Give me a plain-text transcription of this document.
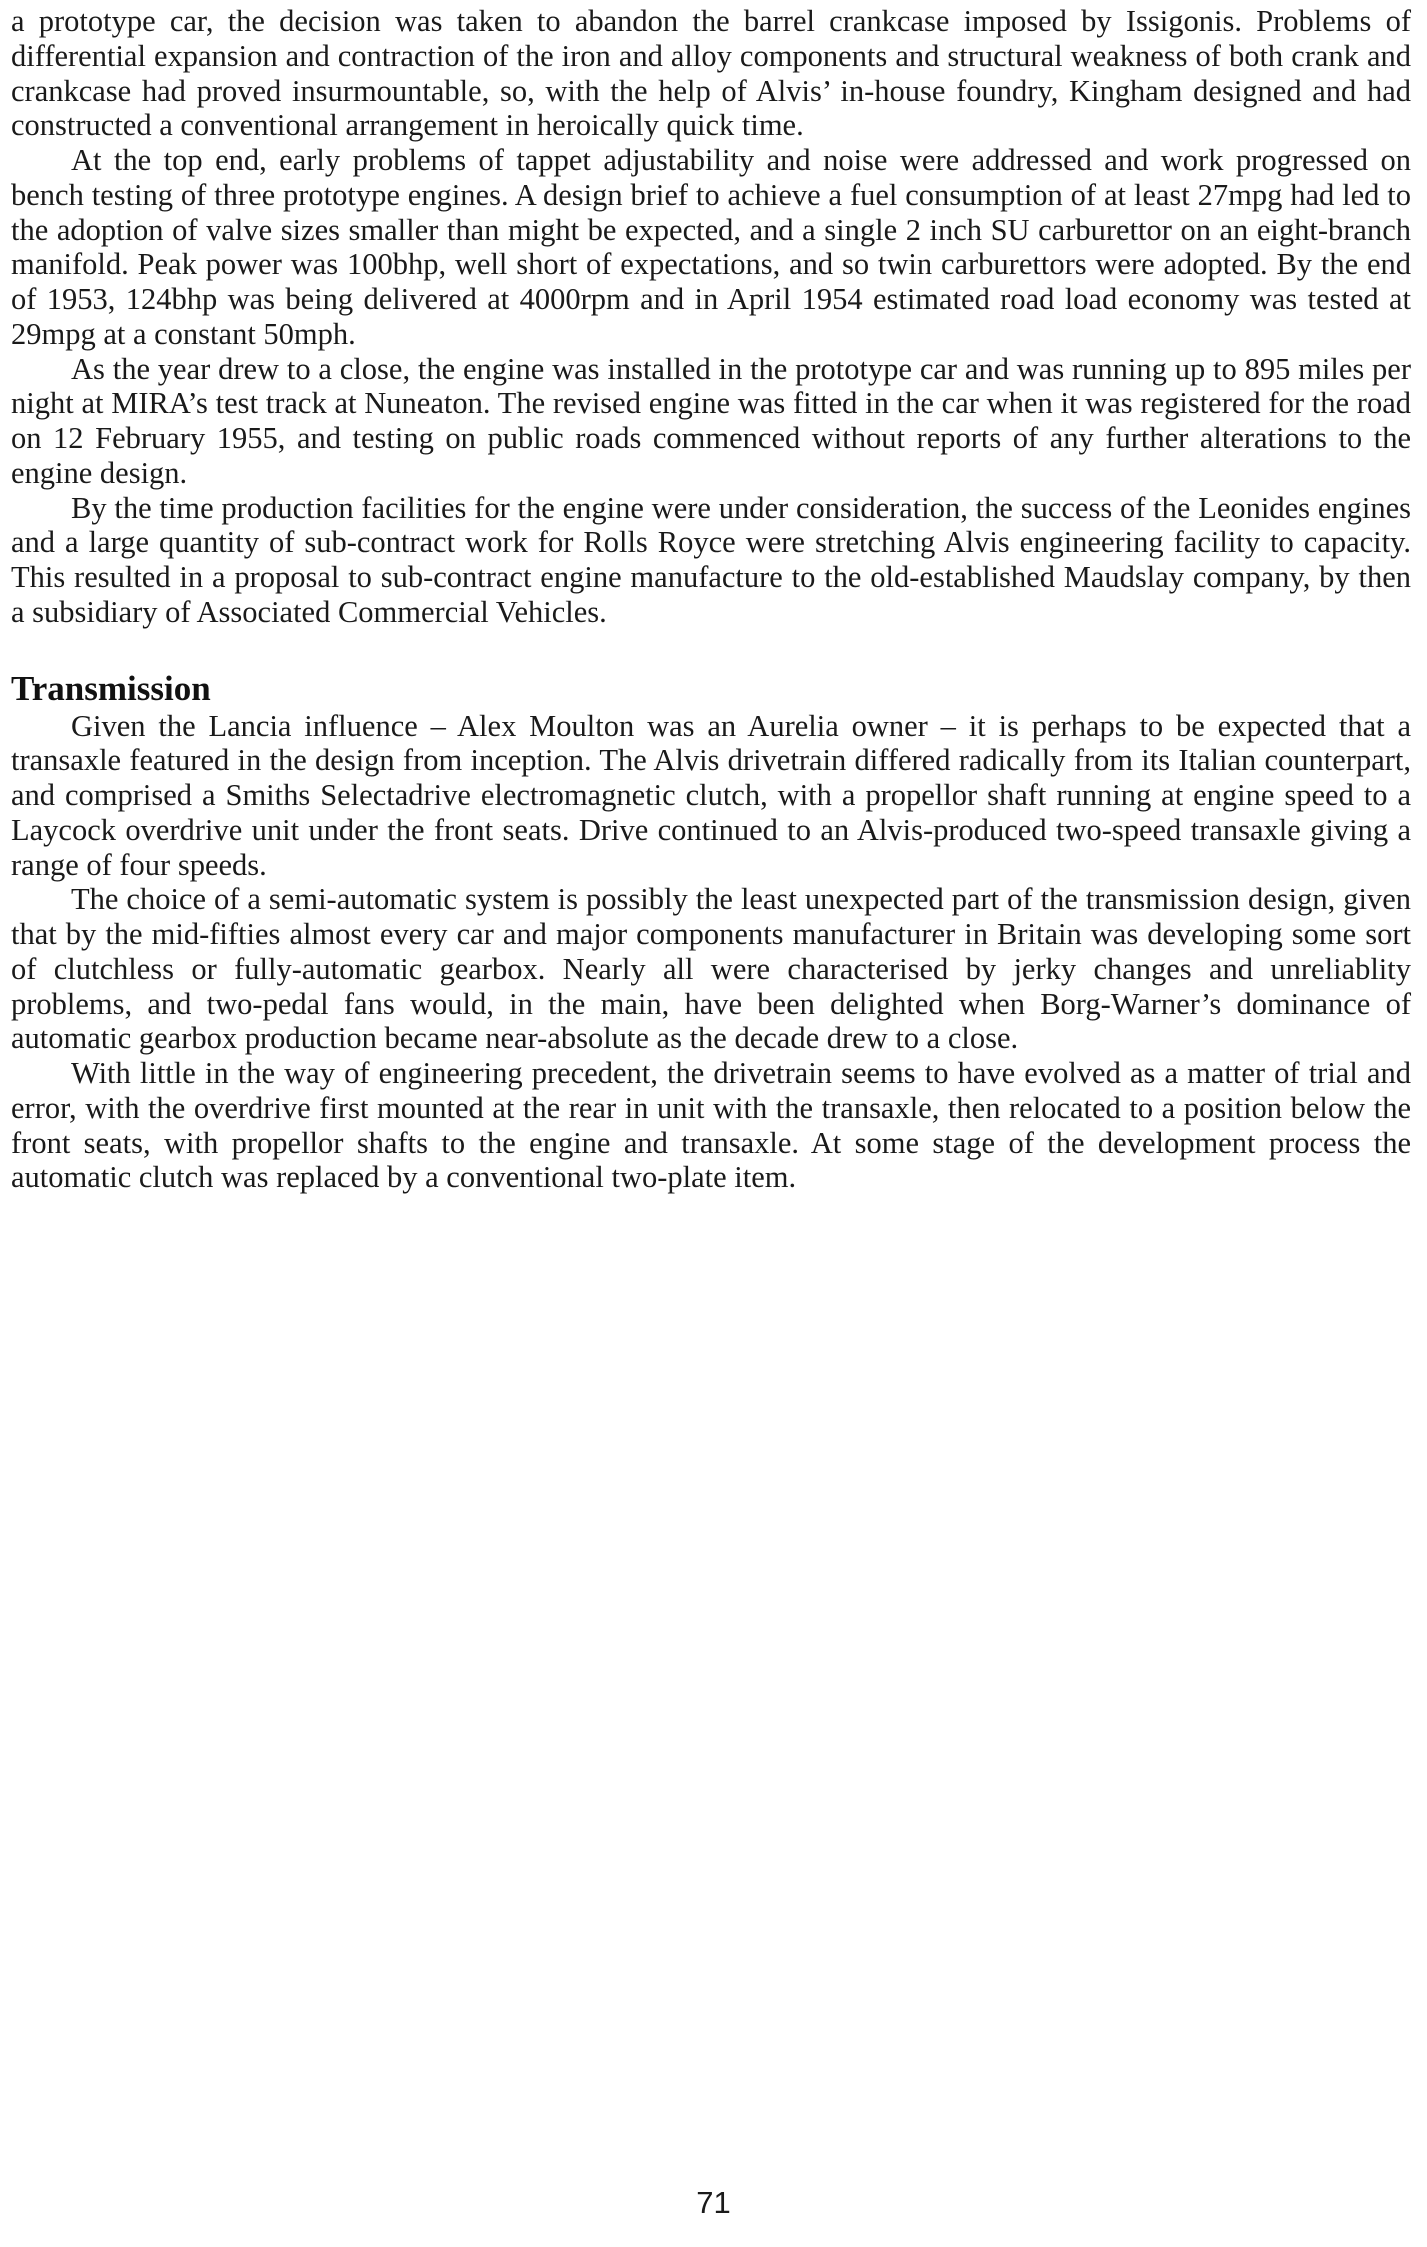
a prototype car, the decision was taken to abandon the barrel crankcase imposed by Issigonis. Problems of differential expansion and contraction of the iron and alloy components and structural weakness of both crank and crankcase had proved insurmountable, so, with the help of Alvis’ in-house foundry, Kingham designed and had constructed a conventional arrangement in heroically quick time.

At the top end, early problems of tappet adjustability and noise were addressed and work progressed on bench testing of three prototype engines. A design brief to achieve a fuel consumption of at least 27mpg had led to the adoption of valve sizes smaller than might be expected, and a single 2 inch SU carburettor on an eight-branch manifold. Peak power was 100bhp, well short of expectations, and so twin carburettors were adopted. By the end of 1953, 124bhp was being delivered at 4000rpm and in April 1954 estimated road load economy was tested at 29mpg at a constant 50mph.

As the year drew to a close, the engine was installed in the prototype car and was running up to 895 miles per night at MIRA’s test track at Nuneaton. The revised engine was fitted in the car when it was registered for the road on 12 February 1955, and testing on public roads commenced without reports of any further alterations to the engine design.

By the time production facilities for the engine were under consideration, the success of the Leonides engines and a large quantity of sub-contract work for Rolls Royce were stretching Alvis engineering facility to capacity. This resulted in a proposal to sub-contract engine manufacture to the old-established Maudslay company, by then a subsidiary of Associated Commercial Vehicles.

Transmission

Given the Lancia influence – Alex Moulton was an Aurelia owner – it is perhaps to be expected that a transaxle featured in the design from inception. The Alvis drivetrain differed radically from its Italian counterpart, and comprised a Smiths Selectadrive electromagnetic clutch, with a propellor shaft running at engine speed to a Laycock overdrive unit under the front seats. Drive continued to an Alvis-produced two-speed transaxle giving a range of four speeds.

The choice of a semi-automatic system is possibly the least unexpected part of the transmission design, given that by the mid-fifties almost every car and major components manufacturer in Britain was developing some sort of clutchless or fully-automatic gearbox. Nearly all were characterised by jerky changes and unreliablity problems, and two-pedal fans would, in the main, have been delighted when Borg-Warner’s dominance of automatic gearbox production became near-absolute as the decade drew to a close.

With little in the way of engineering precedent, the drivetrain seems to have evolved as a matter of trial and error, with the overdrive first mounted at the rear in unit with the transaxle, then relocated to a position below the front seats, with propellor shafts to the engine and transaxle. At some stage of the development process the automatic clutch was replaced by a conventional two-plate item.

71
